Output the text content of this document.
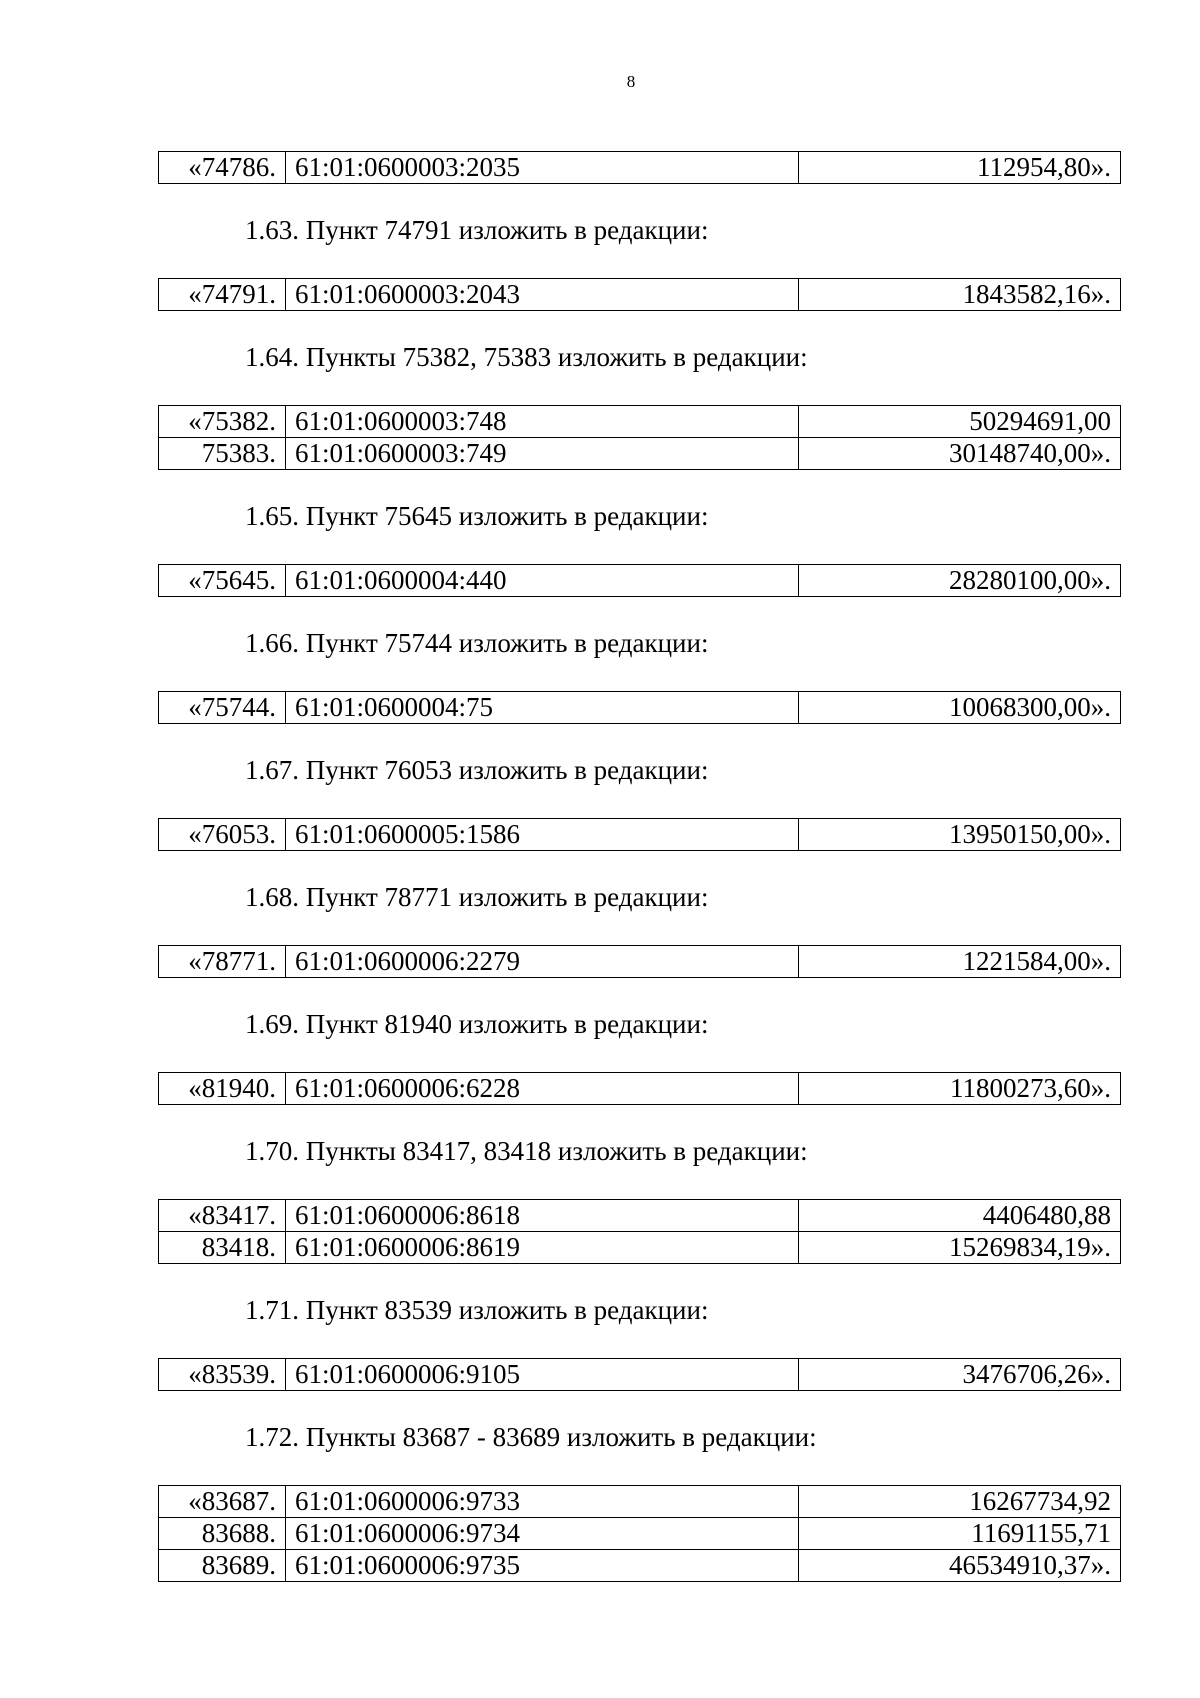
8
«74786.	61:01:0600003:2035	112954,80».

1.63. Пункт 74791 изложить в редакции:

«74791.	61:01:0600003:2043	1843582,16».

1.64. Пункты 75382, 75383 изложить в редакции:

«75382.	61:01:0600003:748	50294691,00
75383.	61:01:0600003:749	30148740,00».

1.65. Пункт 75645 изложить в редакции:

«75645.	61:01:0600004:440	28280100,00».

1.66. Пункт 75744 изложить в редакции:

«75744.	61:01:0600004:75	10068300,00».

1.67. Пункт 76053 изложить в редакции:

«76053.	61:01:0600005:1586	13950150,00».

1.68. Пункт 78771 изложить в редакции:

«78771.	61:01:0600006:2279	1221584,00».

1.69. Пункт 81940 изложить в редакции:

«81940.	61:01:0600006:6228	11800273,60».

1.70. Пункты 83417, 83418 изложить в редакции:

«83417.	61:01:0600006:8618	4406480,88
83418.	61:01:0600006:8619	15269834,19».

1.71. Пункт 83539 изложить в редакции:

«83539.	61:01:0600006:9105	3476706,26».

1.72. Пункты 83687 - 83689 изложить в редакции:

«83687.	61:01:0600006:9733	16267734,92
83688.	61:01:0600006:9734	11691155,71
83689.	61:01:0600006:9735	46534910,37».
